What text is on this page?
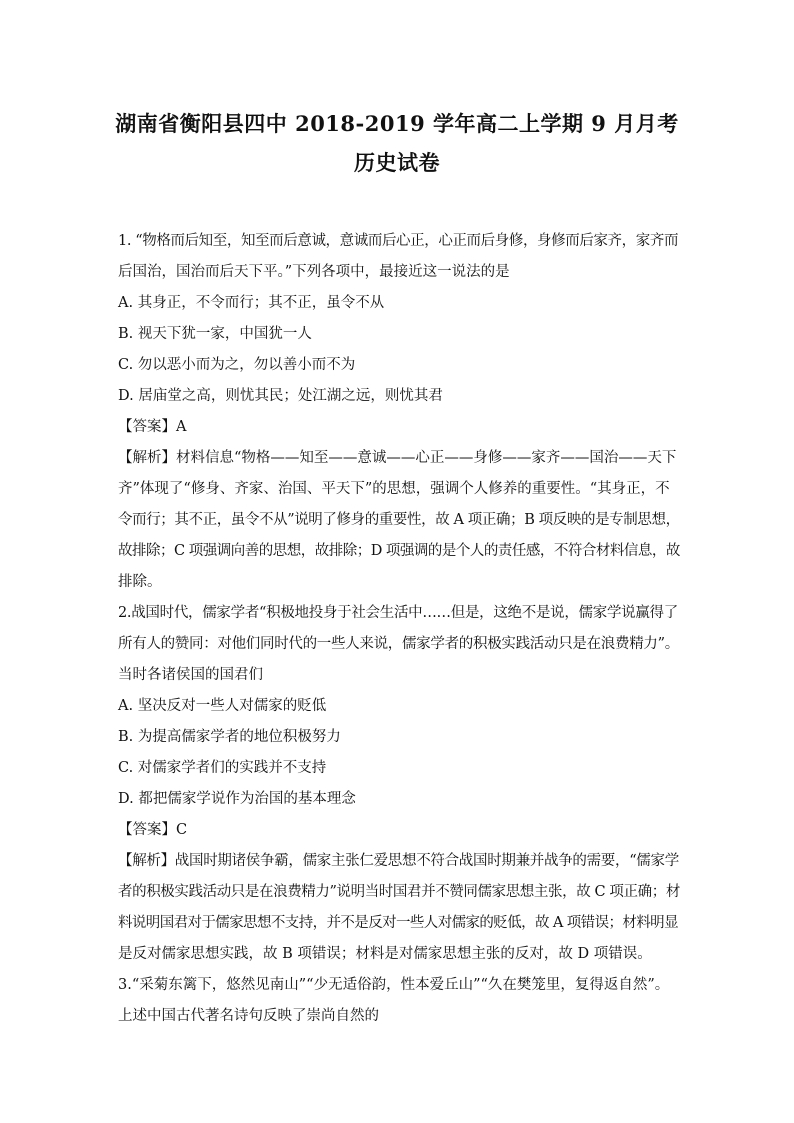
湖南省衡阳县四中 2018-2019 学年高二上学期 9 月月考
历史试卷

1. “物格而后知至，知至而后意诚，意诚而后心正，心正而后身修，身修而后家齐，家齐而

后国治，国治而后天下平。”下列各项中，最接近这一说法的是

A. 其身正，不令而行；其不正，虽令不从

B. 视天下犹一家，中国犹一人

C. 勿以恶小而为之，勿以善小而不为

D. 居庙堂之高，则忧其民；处江湖之远，则忧其君

【答案】A

【解析】材料信息“物格——知至——意诚——心正——身修——家齐——国治——天下

齐”体现了“修身、齐家、治国、平天下”的思想，强调个人修养的重要性。“其身正，不

令而行；其不正，虽令不从”说明了修身的重要性，故 A 项正确；B 项反映的是专制思想，

故排除；C 项强调向善的思想，故排除；D 项强调的是个人的责任感，不符合材料信息，故

排除。

2.战国时代，儒家学者“积极地投身于社会生活中……但是，这绝不是说，儒家学说赢得了

所有人的赞同：对他们同时代的一些人来说，儒家学者的积极实践活动只是在浪费精力”。

当时各诸侯国的国君们

A. 坚决反对一些人对儒家的贬低

B. 为提高儒家学者的地位积极努力

C. 对儒家学者们的实践并不支持

D. 都把儒家学说作为治国的基本理念

【答案】C

【解析】战国时期诸侯争霸，儒家主张仁爱思想不符合战国时期兼并战争的需要，“儒家学

者的积极实践活动只是在浪费精力”说明当时国君并不赞同儒家思想主张，故 C 项正确；材

料说明国君对于儒家思想不支持，并不是反对一些人对儒家的贬低，故 A 项错误；材料明显

是反对儒家思想实践，故 B 项错误；材料是对儒家思想主张的反对，故 D 项错误。

3.“采菊东篱下，悠然见南山”“少无适俗韵，性本爱丘山”“久在樊笼里，复得返自然”。

上述中国古代著名诗句反映了崇尚自然的
